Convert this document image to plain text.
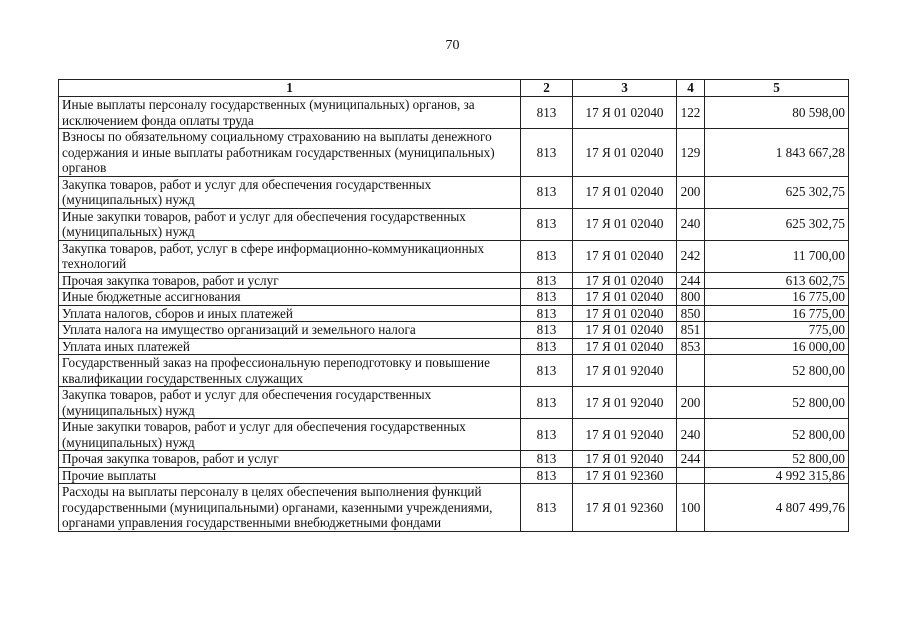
70
1	2	3	4	5
Иные выплаты персоналу государственных (муниципальных) органов, за исключением фонда оплаты труда	813	17 Я 01 02040	122	80 598,00
Взносы по обязательному социальному страхованию на выплаты денежного содержания и иные выплаты работникам государственных (муниципальных) органов	813	17 Я 01 02040	129	1 843 667,28
Закупка товаров, работ и услуг для обеспечения государственных (муниципальных) нужд	813	17 Я 01 02040	200	625 302,75
Иные закупки товаров, работ и услуг для обеспечения государственных (муниципальных) нужд	813	17 Я 01 02040	240	625 302,75
Закупка товаров, работ, услуг в сфере информационно-коммуникационных технологий	813	17 Я 01 02040	242	11 700,00
Прочая закупка товаров, работ и услуг	813	17 Я 01 02040	244	613 602,75
Иные бюджетные ассигнования	813	17 Я 01 02040	800	16 775,00
Уплата налогов, сборов и иных платежей	813	17 Я 01 02040	850	16 775,00
Уплата налога на имущество организаций и земельного налога	813	17 Я 01 02040	851	775,00
Уплата иных платежей	813	17 Я 01 02040	853	16 000,00
Государственный заказ на профессиональную переподготовку и повышение квалификации государственных служащих	813	17 Я 01 92040		52 800,00
Закупка товаров, работ и услуг для обеспечения государственных (муниципальных) нужд	813	17 Я 01 92040	200	52 800,00
Иные закупки товаров, работ и услуг для обеспечения государственных (муниципальных) нужд	813	17 Я 01 92040	240	52 800,00
Прочая закупка товаров, работ и услуг	813	17 Я 01 92040	244	52 800,00
Прочие выплаты	813	17 Я 01 92360		4 992 315,86
Расходы на выплаты персоналу в целях обеспечения выполнения функций государственными (муниципальными) органами, казенными учреждениями, органами управления государственными внебюджетными фондами	813	17 Я 01 92360	100	4 807 499,76
